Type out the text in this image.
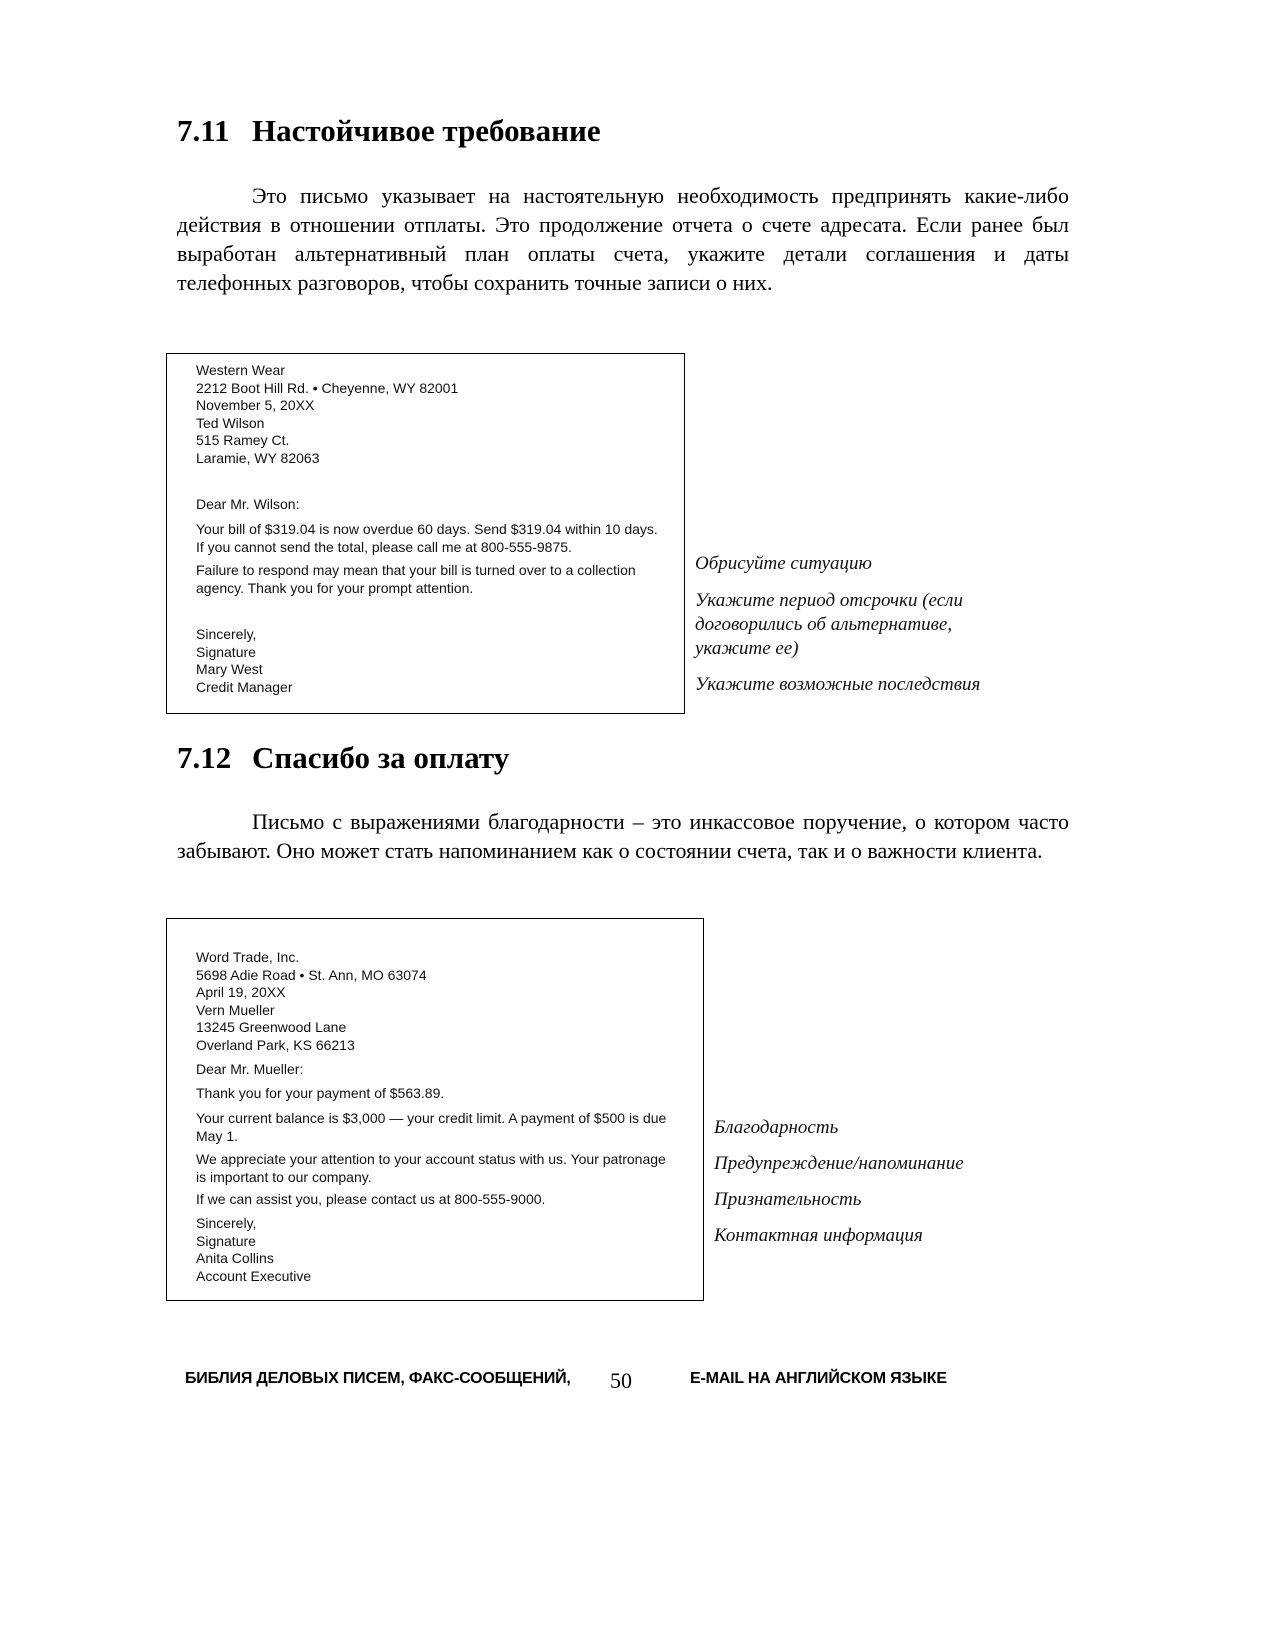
7.11 Настойчивое требование

Это письмо указывает на настоятельную необходимость предпринять какие-либо действия в отношении отплаты. Это продолжение отчета о счете адресата. Если ранее был выработан альтернативный план оплаты счета, укажите детали соглашения и даты телефонных разговоров, чтобы сохранить точные записи о них.

Western Wear
2212 Boot Hill Rd. • Cheyenne, WY 82001
November 5, 20XX
Ted Wilson
515 Ramey Ct.
Laramie, WY 82063
Dear Mr. Wilson:
Your bill of $319.04 is now overdue 60 days. Send $319.04 within 10 days. If you cannot send the total, please call me at 800-555-9875.
Failure to respond may mean that your bill is turned over to a collection agency. Thank you for your prompt attention.
Sincerely,
Signature
Mary West
Credit Manager
Обрисуйте ситуацию
Укажите период отсрочки (если договорились об альтернативе, укажите ее)
Укажите возможные последствия
7.12 Спасибо за оплату

Письмо с выражениями благодарности – это инкассовое поручение, о котором часто забывают. Оно может стать напоминанием как о состоянии счета, так и о важности клиента.

Word Trade, Inc.
5698 Adie Road • St. Ann, MO 63074
April 19, 20XX
Vern Mueller
13245 Greenwood Lane
Overland Park, KS 66213
Dear Mr. Mueller:
Thank you for your payment of $563.89.
Your current balance is $3,000 — your credit limit. A payment of $500 is due May 1.
We appreciate your attention to your account status with us. Your patronage is important to our company.
If we can assist you, please contact us at 800-555-9000.
Sincerely,
Signature
Anita Collins
Account Executive
Благодарность
Предупреждение/напоминание
Признательность
Контактная информация
БИБЛИЯ ДЕЛОВЫХ ПИСЕМ, ФАКС-СООБЩЕНИЙ, 50	E-MAIL НА АНГЛИЙСКОМ ЯЗЫКЕ
